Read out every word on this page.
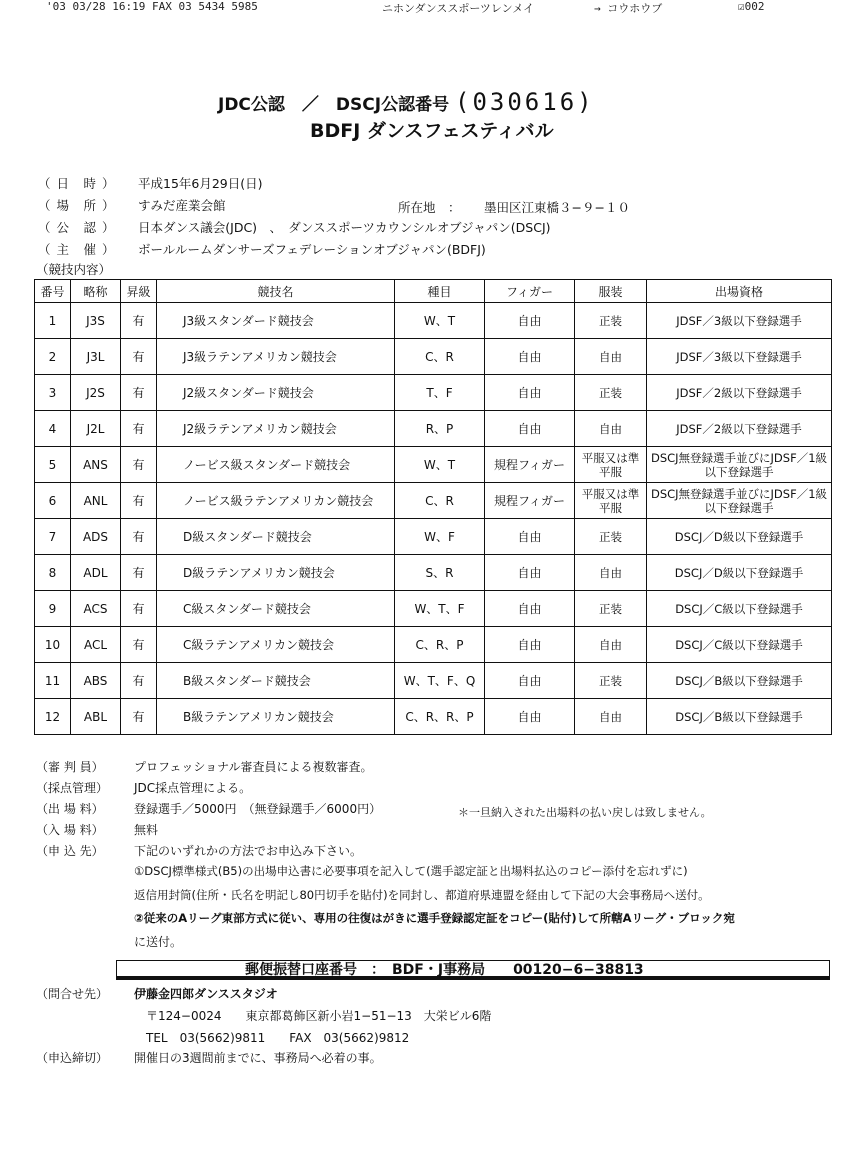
'03 03/28 16:19 FAX 03 5434 5985	ニホンダンススポーツレンメイ	→ コウホウブ	☑002
JDC公認　／　DSCJ公認番号 (030616)
BDFJ ダンスフェスティバル
（ 日　時 ）	平成15年6月29日(日)
（ 場　所 ）	すみだ産業会館	所在地　： 墨田区江東橋３−９−１０
（ 公　認 ）	日本ダンス議会(JDC)　、　ダンススポーツカウンシルオブジャパン(DSCJ)
（ 主　催 ）	ボールルームダンサーズフェデレーションオブジャパン(BDFJ)
（競技内容）
番号	略称	昇級	競技名	種目	フィガー	服装	出場資格
1	J3S	有	J3級スタンダード競技会	W、T	自由	正装	JDSF／3級以下登録選手
2	J3L	有	J3級ラテンアメリカン競技会	C、R	自由	自由	JDSF／3級以下登録選手
3	J2S	有	J2級スタンダード競技会	T、F	自由	正装	JDSF／2級以下登録選手
4	J2L	有	J2級ラテンアメリカン競技会	R、P	自由	自由	JDSF／2級以下登録選手
5	ANS	有	ノービス級スタンダード競技会	W、T	規程フィガー	平服又は準平服	DSCJ無登録選手並びにJDSF／1級以下登録選手
6	ANL	有	ノービス級ラテンアメリカン競技会	C、R	規程フィガー	平服又は準平服	DSCJ無登録選手並びにJDSF／1級以下登録選手
7	ADS	有	D級スタンダード競技会	W、F	自由	正装	DSCJ／D級以下登録選手
8	ADL	有	D級ラテンアメリカン競技会	S、R	自由	自由	DSCJ／D級以下登録選手
9	ACS	有	C級スタンダード競技会	W、T、F	自由	正装	DSCJ／C級以下登録選手
10	ACL	有	C級ラテンアメリカン競技会	C、R、P	自由	自由	DSCJ／C級以下登録選手
11	ABS	有	B級スタンダード競技会	W、T、F、Q	自由	正装	DSCJ／B級以下登録選手
12	ABL	有	B級ラテンアメリカン競技会	C、R、R、P	自由	自由	DSCJ／B級以下登録選手
（審 判 員）	プロフェッショナル審査員による複数審査。
（採点管理） JDC採点管理による。
（出 場 料）	登録選手／5000円　（無登録選手／6000円）	＊一旦納入された出場料の払い戻しは致しません。
（入 場 料）	無料
（申 込 先）	下記のいずれかの方法でお申込み下さい。
①DSCJ標準様式(B5)の出場申込書に必要事項を記入して(選手認定証と出場料払込のコピー添付を忘れずに)
返信用封筒(住所・氏名を明記し80円切手を貼付)を同封し、都道府県連盟を経由して下記の大会事務局へ送付。
②従来のAリーグ東部方式に従い、専用の往復はがきに選手登録認定証をコピー(貼付)して所轄Aリーグ・ブロック宛
に送付。
郵便振替口座番号　：　BDF・J事務局　　00120−6−38813
（問合せ先） 伊藤金四郎ダンススタジオ
〒124−0024　　東京都葛飾区新小岩1−51−13　大栄ビル6階
TEL　03(5662)9811　　FAX　03(5662)9812
（申込締切） 開催日の3週間前までに、事務局へ必着の事。
